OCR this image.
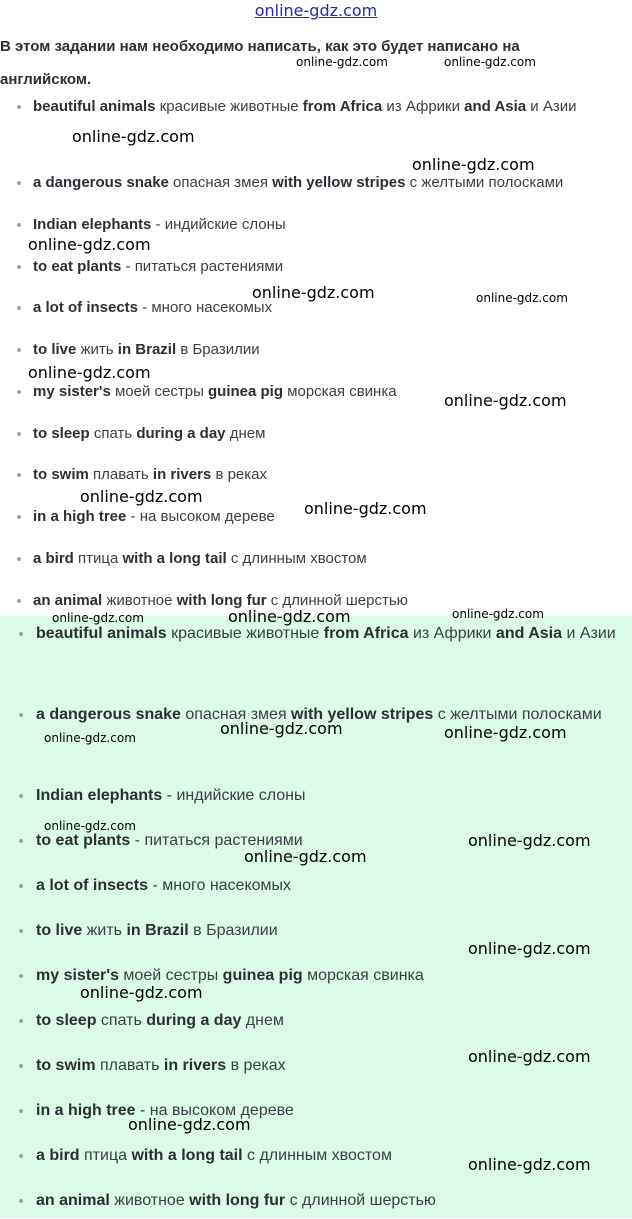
online-gdz.com
В этом задании нам необходимо написать, как это будет написано на английском.
beautiful animals красивые животные from Africa из Африки and Asia и Азии
a dangerous snake опасная змея with yellow stripes с желтыми полосками
Indian elephants - индийские слоны
to eat plants - питаться растениями
a lot of insects - много насекомых
to live жить in Brazil в Бразилии
my sister's моей сестры guinea pig морская свинка
to sleep спать during a day днем
to swim плавать in rivers в реках
in a high tree - на высоком дереве
a bird птица with a long tail с длинным хвостом
an animal животное with long fur с длинной шерстью
beautiful animals красивые животные from Africa из Африки and Asia и Азии
a dangerous snake опасная змея with yellow stripes с желтыми полосками
Indian elephants - индийские слоны
to eat plants - питаться растениями
a lot of insects - много насекомых
to live жить in Brazil в Бразилии
my sister's моей сестры guinea pig морская свинка
to sleep спать during a day днем
to swim плавать in rivers в реках
in a high tree - на высоком дереве
a bird птица with a long tail с длинным хвостом
an animal животное with long fur с длинной шерстью
online-gdz.com	online-gdz.com
online-gdz.com
online-gdz.com
online-gdz.com
online-gdz.com	online-gdz.com
online-gdz.com
online-gdz.com
online-gdz.com
online-gdz.com
online-gdz.com	online-gdz.com	online-gdz.com
online-gdz.com	online-gdz.com	online-gdz.com
online-gdz.com
online-gdz.com
online-gdz.com
online-gdz.com
online-gdz.com
online-gdz.com
online-gdz.com
online-gdz.com
